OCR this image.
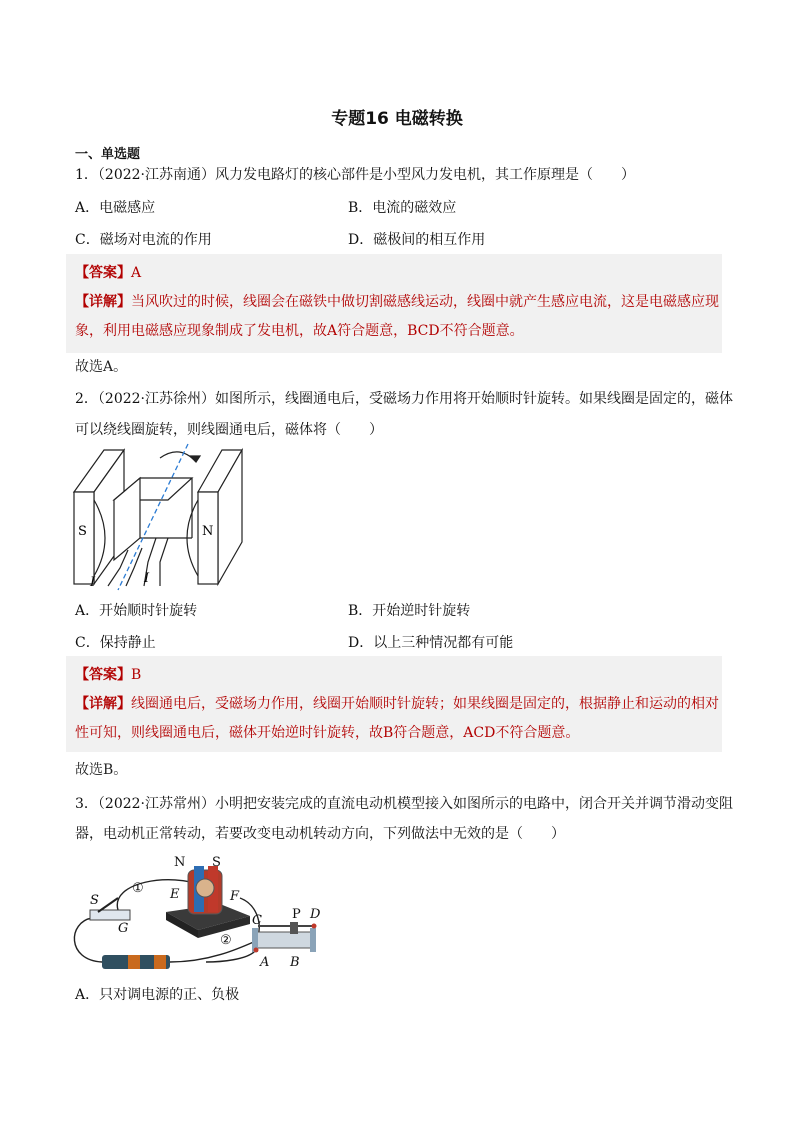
专题16 电磁转换
一、单选题
1．（2022·江苏南通）风力发电路灯的核心部件是小型风力发电机，其工作原理是（　　）
A．电磁感应	B．电流的磁效应
C．磁场对电流的作用	D．磁极间的相互作用
【答案】A
【详解】当风吹过的时候，线圈会在磁铁中做切割磁感线运动，线圈中就产生感应电流，这是电磁感应现
象，利用电磁感应现象制成了发电机，故A符合题意，BCD不符合题意。
故选A。
2．（2022·江苏徐州）如图所示，线圈通电后，受磁场力作用将开始顺时针旋转。如果线圈是固定的，磁体
可以绕线圈旋转，则线圈通电后，磁体将（　　）
S	N
I	I
A．开始顺时针旋转	B．开始逆时针旋转
C．保持静止	D．以上三种情况都有可能
【答案】B
【详解】线圈通电后，受磁场力作用，线圈开始顺时针旋转；如果线圈是固定的，根据静止和运动的相对
性可知，则线圈通电后，磁体开始逆时针旋转，故B符合题意，ACD不符合题意。
故选B。
3．（2022·江苏常州）小明把安装完成的直流电动机模型接入如图所示的电路中，闭合开关并调节滑动变阻
器，电动机正常转动，若要改变电动机转动方向，下列做法中无效的是（　　）
N S
E	F
S
G
①
②
C P D
A B
A．只对调电源的正、负极
